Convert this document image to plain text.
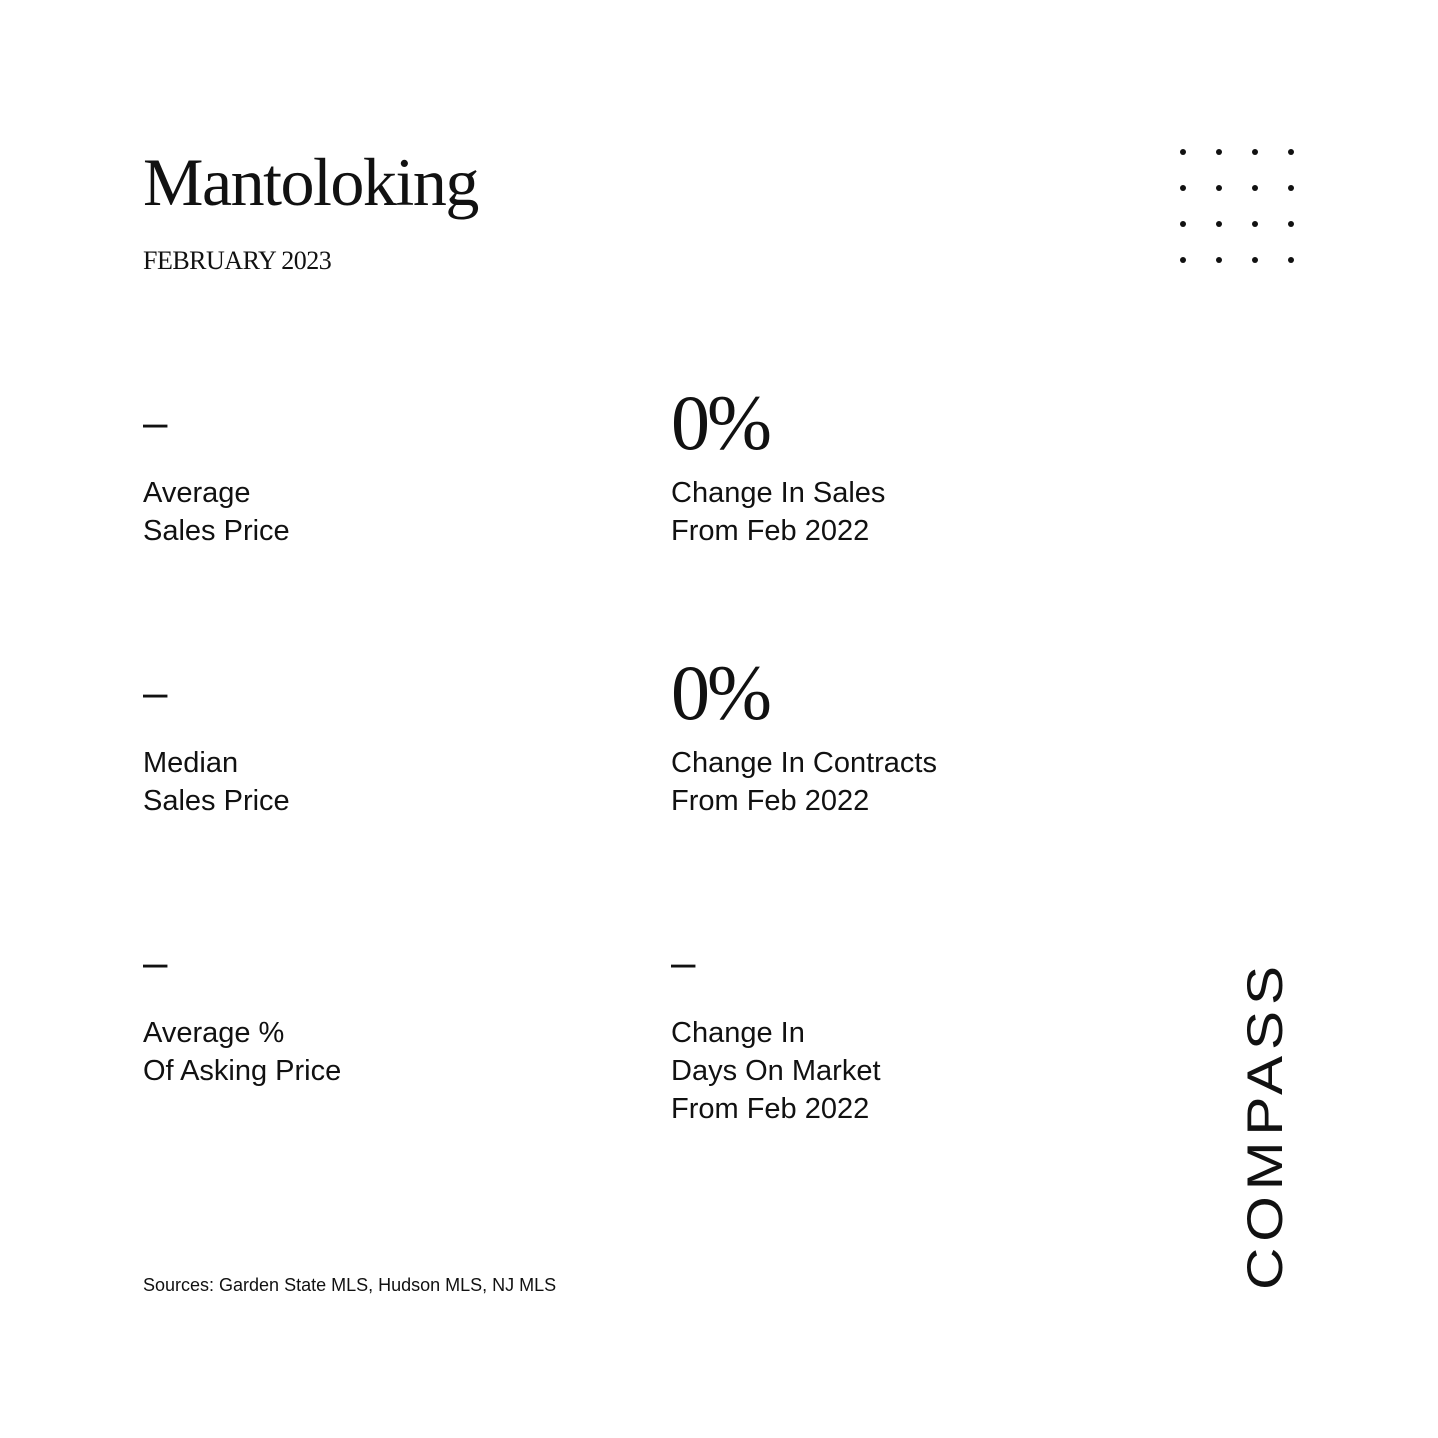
Mantoloking
FEBRUARY 2023
–
Average
Sales Price
0%
Change In Sales
From Feb 2022
–
Median
Sales Price
0%
Change In Contracts
From Feb 2022
–
Average %
Of Asking Price
–
Change In
Days On Market
From Feb 2022
Sources: Garden State MLS, Hudson MLS, NJ MLS	COMPASS
